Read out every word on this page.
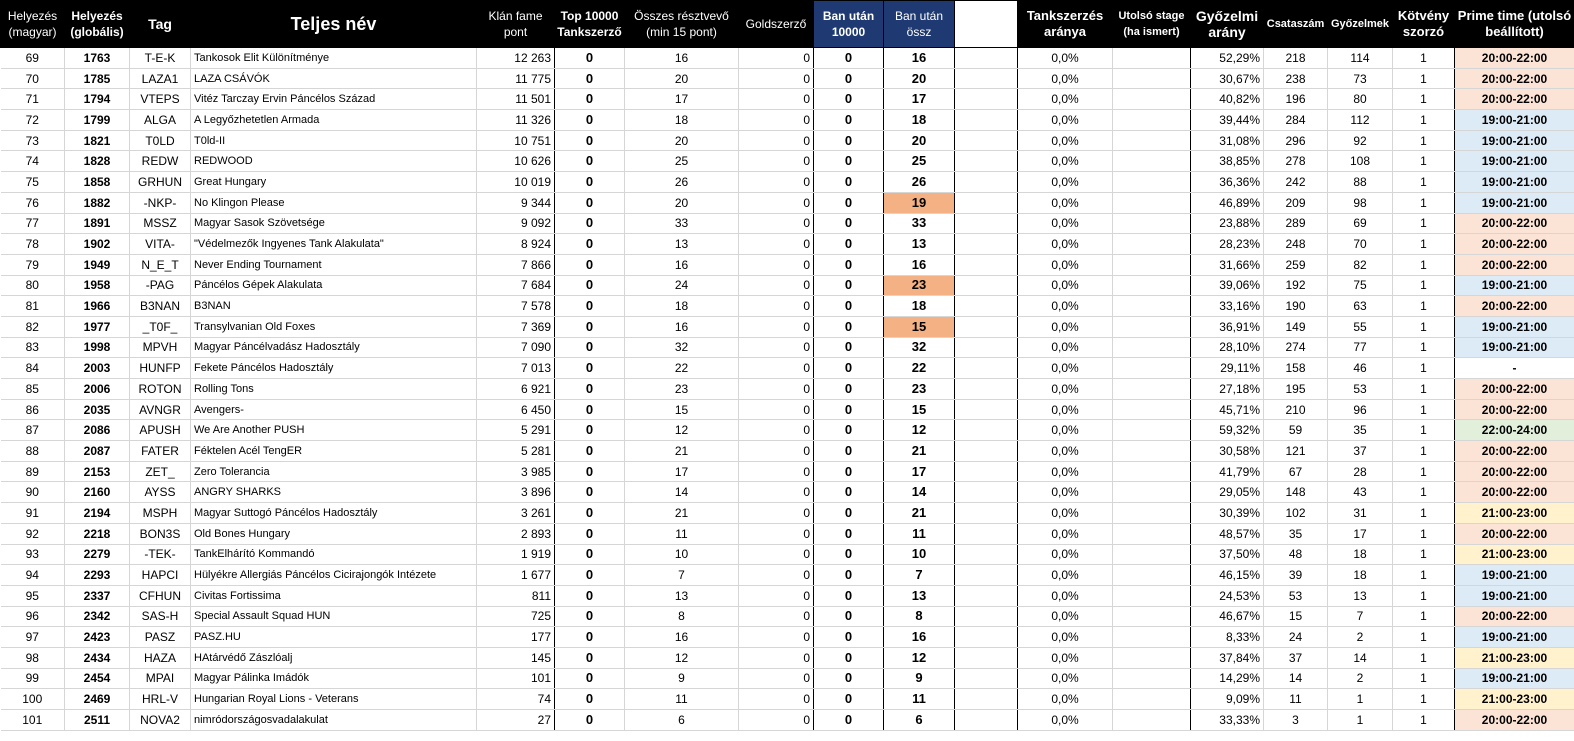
Helyezés (magyar)	Helyezés (globális)	Tag	Teljes név	Klán fame pont	Top 10000 Tankszerző	Összes résztvevő (min 15 pont)	Goldszerző	Ban után 10000	Ban után össz		Tankszerzés aránya	Utolsó stage (ha ismert)	Győzelmi arány	Csataszám	Győzelmek	Kötvény szorzó	Prime time (utolsó beállított)
69	1763	T-E-K	Tankosok Elit Különítménye	12 263	0	16	0	0	16		0,0%		52,29%	218	114	1	20:00-22:00
70	1785	LAZA1	LAZA CSÁVÓK	11 775	0	20	0	0	20		0,0%		30,67%	238	73	1	20:00-22:00
71	1794	VTEPS	Vitéz Tarczay Ervin Páncélos Század	11 501	0	17	0	0	17		0,0%		40,82%	196	80	1	20:00-22:00
72	1799	ALGA	A Legyőzhetetlen Armada	11 326	0	18	0	0	18		0,0%		39,44%	284	112	1	19:00-21:00
73	1821	T0LD	T0ld-II	10 751	0	20	0	0	20		0,0%		31,08%	296	92	1	19:00-21:00
74	1828	REDW	REDWOOD	10 626	0	25	0	0	25		0,0%		38,85%	278	108	1	19:00-21:00
75	1858	GRHUN	Great Hungary	10 019	0	26	0	0	26		0,0%		36,36%	242	88	1	19:00-21:00
76	1882	-NKP-	No Klingon Please	9 344	0	20	0	0	19		0,0%		46,89%	209	98	1	19:00-21:00
77	1891	MSSZ	Magyar Sasok Szövetsége	9 092	0	33	0	0	33		0,0%		23,88%	289	69	1	20:00-22:00
78	1902	VITA-	"Védelmezők Ingyenes Tank Alakulata"	8 924	0	13	0	0	13		0,0%		28,23%	248	70	1	20:00-22:00
79	1949	N_E_T	Never Ending Tournament	7 866	0	16	0	0	16		0,0%		31,66%	259	82	1	20:00-22:00
80	1958	-PAG	Páncélos Gépek Alakulata	7 684	0	24	0	0	23		0,0%		39,06%	192	75	1	19:00-21:00
81	1966	B3NAN	B3NAN	7 578	0	18	0	0	18		0,0%		33,16%	190	63	1	20:00-22:00
82	1977	_T0F_	Transylvanian Old Foxes	7 369	0	16	0	0	15		0,0%		36,91%	149	55	1	19:00-21:00
83	1998	MPVH	Magyar Páncélvadász Hadosztály	7 090	0	32	0	0	32		0,0%		28,10%	274	77	1	19:00-21:00
84	2003	HUNFP	Fekete Páncélos Hadosztály	7 013	0	22	0	0	22		0,0%		29,11%	158	46	1	-
85	2006	ROTON	Rolling Tons	6 921	0	23	0	0	23		0,0%		27,18%	195	53	1	20:00-22:00
86	2035	AVNGR	Avengers-	6 450	0	15	0	0	15		0,0%		45,71%	210	96	1	20:00-22:00
87	2086	APUSH	We Are Another PUSH	5 291	0	12	0	0	12		0,0%		59,32%	59	35	1	22:00-24:00
88	2087	FATER	Féktelen Acél TengER	5 281	0	21	0	0	21		0,0%		30,58%	121	37	1	20:00-22:00
89	2153	ZET_	Zero Tolerancia	3 985	0	17	0	0	17		0,0%		41,79%	67	28	1	20:00-22:00
90	2160	AYSS	ANGRY SHARKS	3 896	0	14	0	0	14		0,0%		29,05%	148	43	1	20:00-22:00
91	2194	MSPH	Magyar Suttogó Páncélos Hadosztály	3 261	0	21	0	0	21		0,0%		30,39%	102	31	1	21:00-23:00
92	2218	BON3S	Old Bones Hungary	2 893	0	11	0	0	11		0,0%		48,57%	35	17	1	20:00-22:00
93	2279	-TEK-	TankElhárító Kommandó	1 919	0	10	0	0	10		0,0%		37,50%	48	18	1	21:00-23:00
94	2293	HAPCI	Hülyékre Allergiás Páncélos Cicirajongók Intézete	1 677	0	7	0	0	7		0,0%		46,15%	39	18	1	19:00-21:00
95	2337	CFHUN	Civitas Fortissima	811	0	13	0	0	13		0,0%		24,53%	53	13	1	19:00-21:00
96	2342	SAS-H	Special Assault Squad HUN	725	0	8	0	0	8		0,0%		46,67%	15	7	1	20:00-22:00
97	2423	PASZ	PASZ.HU	177	0	16	0	0	16		0,0%		8,33%	24	2	1	19:00-21:00
98	2434	HAZA	HAtárvédő Zászlóalj	145	0	12	0	0	12		0,0%		37,84%	37	14	1	21:00-23:00
99	2454	MPAI	Magyar Pálinka Imádók	101	0	9	0	0	9		0,0%		14,29%	14	2	1	19:00-21:00
100	2469	HRL-V	Hungarian Royal Lions - Veterans	74	0	11	0	0	11		0,0%		9,09%	11	1	1	21:00-23:00
101	2511	NOVA2	nimródországosvadalakulat	27	0	6	0	0	6		0,0%		33,33%	3	1	1	20:00-22:00
